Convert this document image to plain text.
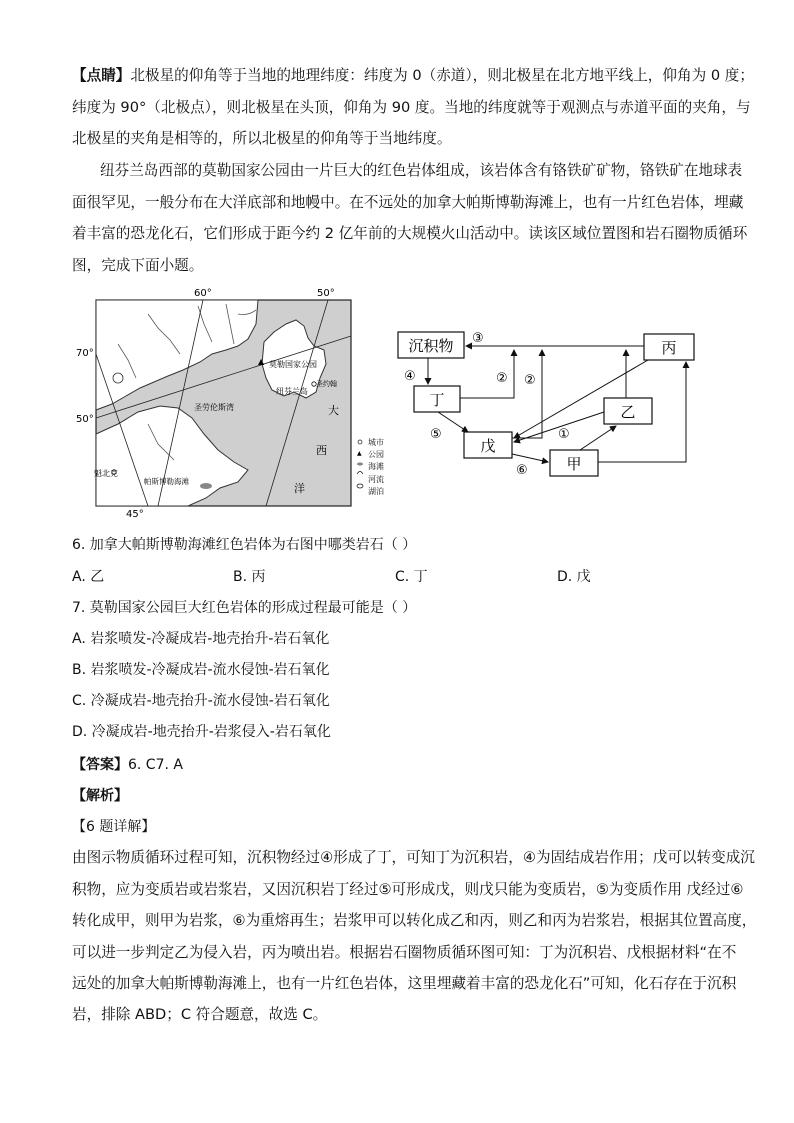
【点睛】北极星的仰角等于当地的地理纬度：纬度为 0（赤道），则北极星在北方地平线上，仰角为 0 度；
纬度为 90°（北极点），则北极星在头顶，仰角为 90 度。当地的纬度就等于观测点与赤道平面的夹角，与
北极星的夹角是相等的，所以北极星的仰角等于当地纬度。
纽芬兰岛西部的莫勒国家公园由一片巨大的红色岩体组成，该岩体含有铬铁矿矿物，铬铁矿在地球表
面很罕见，一般分布在大洋底部和地幔中。在不远处的加拿大帕斯博勒海滩上，也有一片红色岩体，埋藏
着丰富的恐龙化石，它们形成于距今约 2 亿年前的大规模火山活动中。读该区域位置图和岩石圈物质循环
图，完成下面小题。
▲
60°	50°
45°
70°
50°
莫勒国家公园
纽芬兰岛
圣约翰
圣劳伦斯湾
帕斯博勒海滩
魁北克
大
西
洋
▲
城市
公园
海滩
河流
湖泊
沉积物	丙
丁
乙
戊
甲
③
④	② ②
⑤	①
⑥
6. 加拿大帕斯博勒海滩红色岩体为右图中哪类岩石（ ）
A. 乙	B. 丙	C. 丁	D. 戊
7. 莫勒国家公园巨大红色岩体的形成过程最可能是（ ）
A. 岩浆喷发-冷凝成岩-地壳抬升-岩石氧化
B. 岩浆喷发-冷凝成岩-流水侵蚀-岩石氧化
C. 冷凝成岩-地壳抬升-流水侵蚀-岩石氧化
D. 冷凝成岩-地壳抬升-岩浆侵入-岩石氧化
【答案】6. C7. A
【解析】
【6 题详解】
由图示物质循环过程可知，沉积物经过④形成了丁，可知丁为沉积岩，④为固结成岩作用；戊可以转变成沉
积物，应为变质岩或岩浆岩，又因沉积岩丁经过⑤可形成戊，则戊只能为变质岩，⑤为变质作用 戊经过⑥
转化成甲，则甲为岩浆，⑥为重熔再生；岩浆甲可以转化成乙和丙，则乙和丙为岩浆岩，根据其位置高度，
可以进一步判定乙为侵入岩，丙为喷出岩。根据岩石圈物质循环图可知：丁为沉积岩、戊根据材料“在不
远处的加拿大帕斯博勒海滩上，也有一片红色岩体，这里埋藏着丰富的恐龙化石”可知，化石存在于沉积
岩，排除 ABD；C 符合题意，故选 C。
